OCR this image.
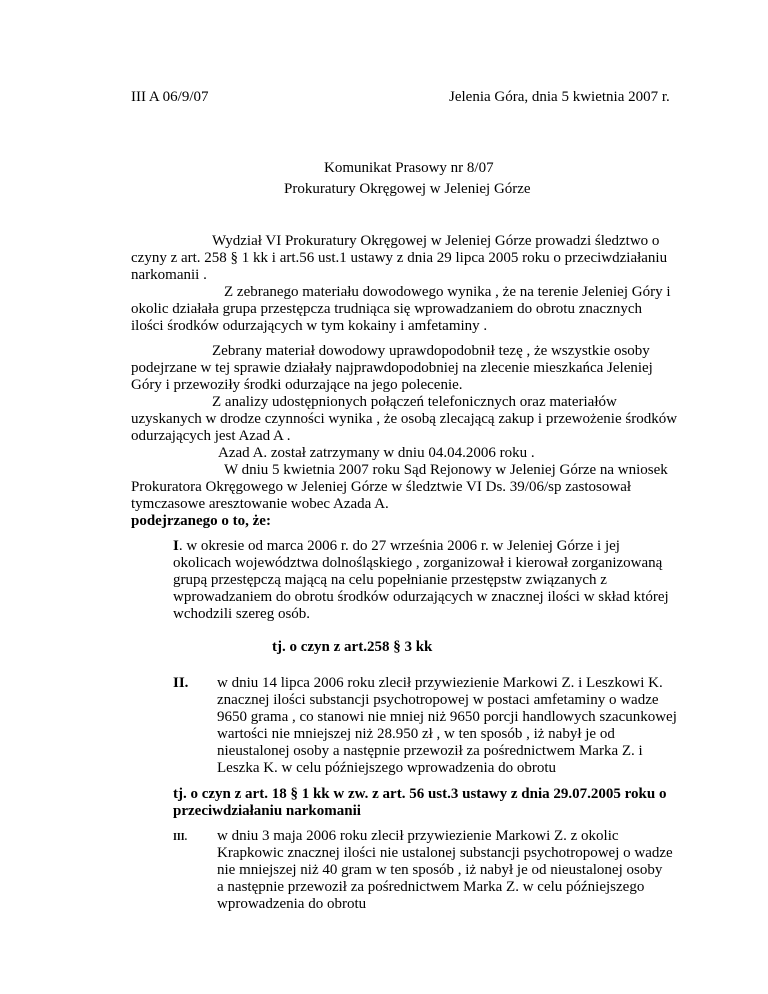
III A 06/9/07	Jelenia Góra, dnia 5 kwietnia 2007 r.
Komunikat Prasowy nr 8/07
Prokuratury Okręgowej w Jeleniej Górze
Wydział VI Prokuratury Okręgowej w Jeleniej Górze prowadzi śledztwo o
czyny z art. 258 § 1 kk i art.56 ust.1 ustawy z dnia 29 lipca 2005 roku o przeciwdziałaniu
narkomanii .
Z zebranego materiału dowodowego wynika , że na terenie Jeleniej Góry i
okolic działała grupa przestępcza trudniąca się wprowadzaniem do obrotu znacznych
ilości środków odurzających w tym kokainy i amfetaminy .
Zebrany materiał dowodowy uprawdopodobnił tezę , że wszystkie osoby
podejrzane w tej sprawie działały najprawdopodobniej na zlecenie mieszkańca Jeleniej
Góry i przewoziły środki odurzające na jego polecenie.
Z analizy udostępnionych połączeń telefonicznych oraz materiałów
uzyskanych w drodze czynności wynika , że osobą zlecającą zakup i przewożenie środków
odurzających jest Azad A .
Azad A. został zatrzymany w dniu 04.04.2006 roku .
W dniu 5 kwietnia 2007 roku Sąd Rejonowy w Jeleniej Górze na wniosek
Prokuratora Okręgowego w Jeleniej Górze w śledztwie VI Ds. 39/06/sp zastosował
tymczasowe aresztowanie wobec Azada A.
podejrzanego o to, że:
I. w okresie od marca 2006 r. do 27 września 2006 r. w Jeleniej Górze i jej
okolicach województwa dolnośląskiego , zorganizował i kierował zorganizowaną
grupą przestępczą mającą na celu popełnianie przestępstw związanych z
wprowadzaniem do obrotu środków odurzających w znacznej ilości w skład której
wchodzili szereg osób.
tj. o czyn z art.258 § 3 kk
II. w dniu 14 lipca 2006 roku zlecił przywiezienie Markowi Z. i Leszkowi K.
znacznej ilości substancji psychotropowej w postaci amfetaminy o wadze
9650 grama , co stanowi nie mniej niż 9650 porcji handlowych szacunkowej
wartości nie mniejszej niż 28.950 zł , w ten sposób , iż nabył je od
nieustalonej osoby a następnie przewoził za pośrednictwem Marka Z. i
Leszka K. w celu późniejszego wprowadzenia do obrotu
tj. o czyn z art. 18 § 1 kk w zw. z art. 56 ust.3 ustawy z dnia 29.07.2005 roku o
przeciwdziałaniu narkomanii
III. w dniu 3 maja 2006 roku zlecił przywiezienie Markowi Z. z okolic
Krapkowic znacznej ilości nie ustalonej substancji psychotropowej o wadze
nie mniejszej niż 40 gram w ten sposób , iż nabył je od nieustalonej osoby
a następnie przewoził za pośrednictwem Marka Z. w celu późniejszego
wprowadzenia do obrotu
